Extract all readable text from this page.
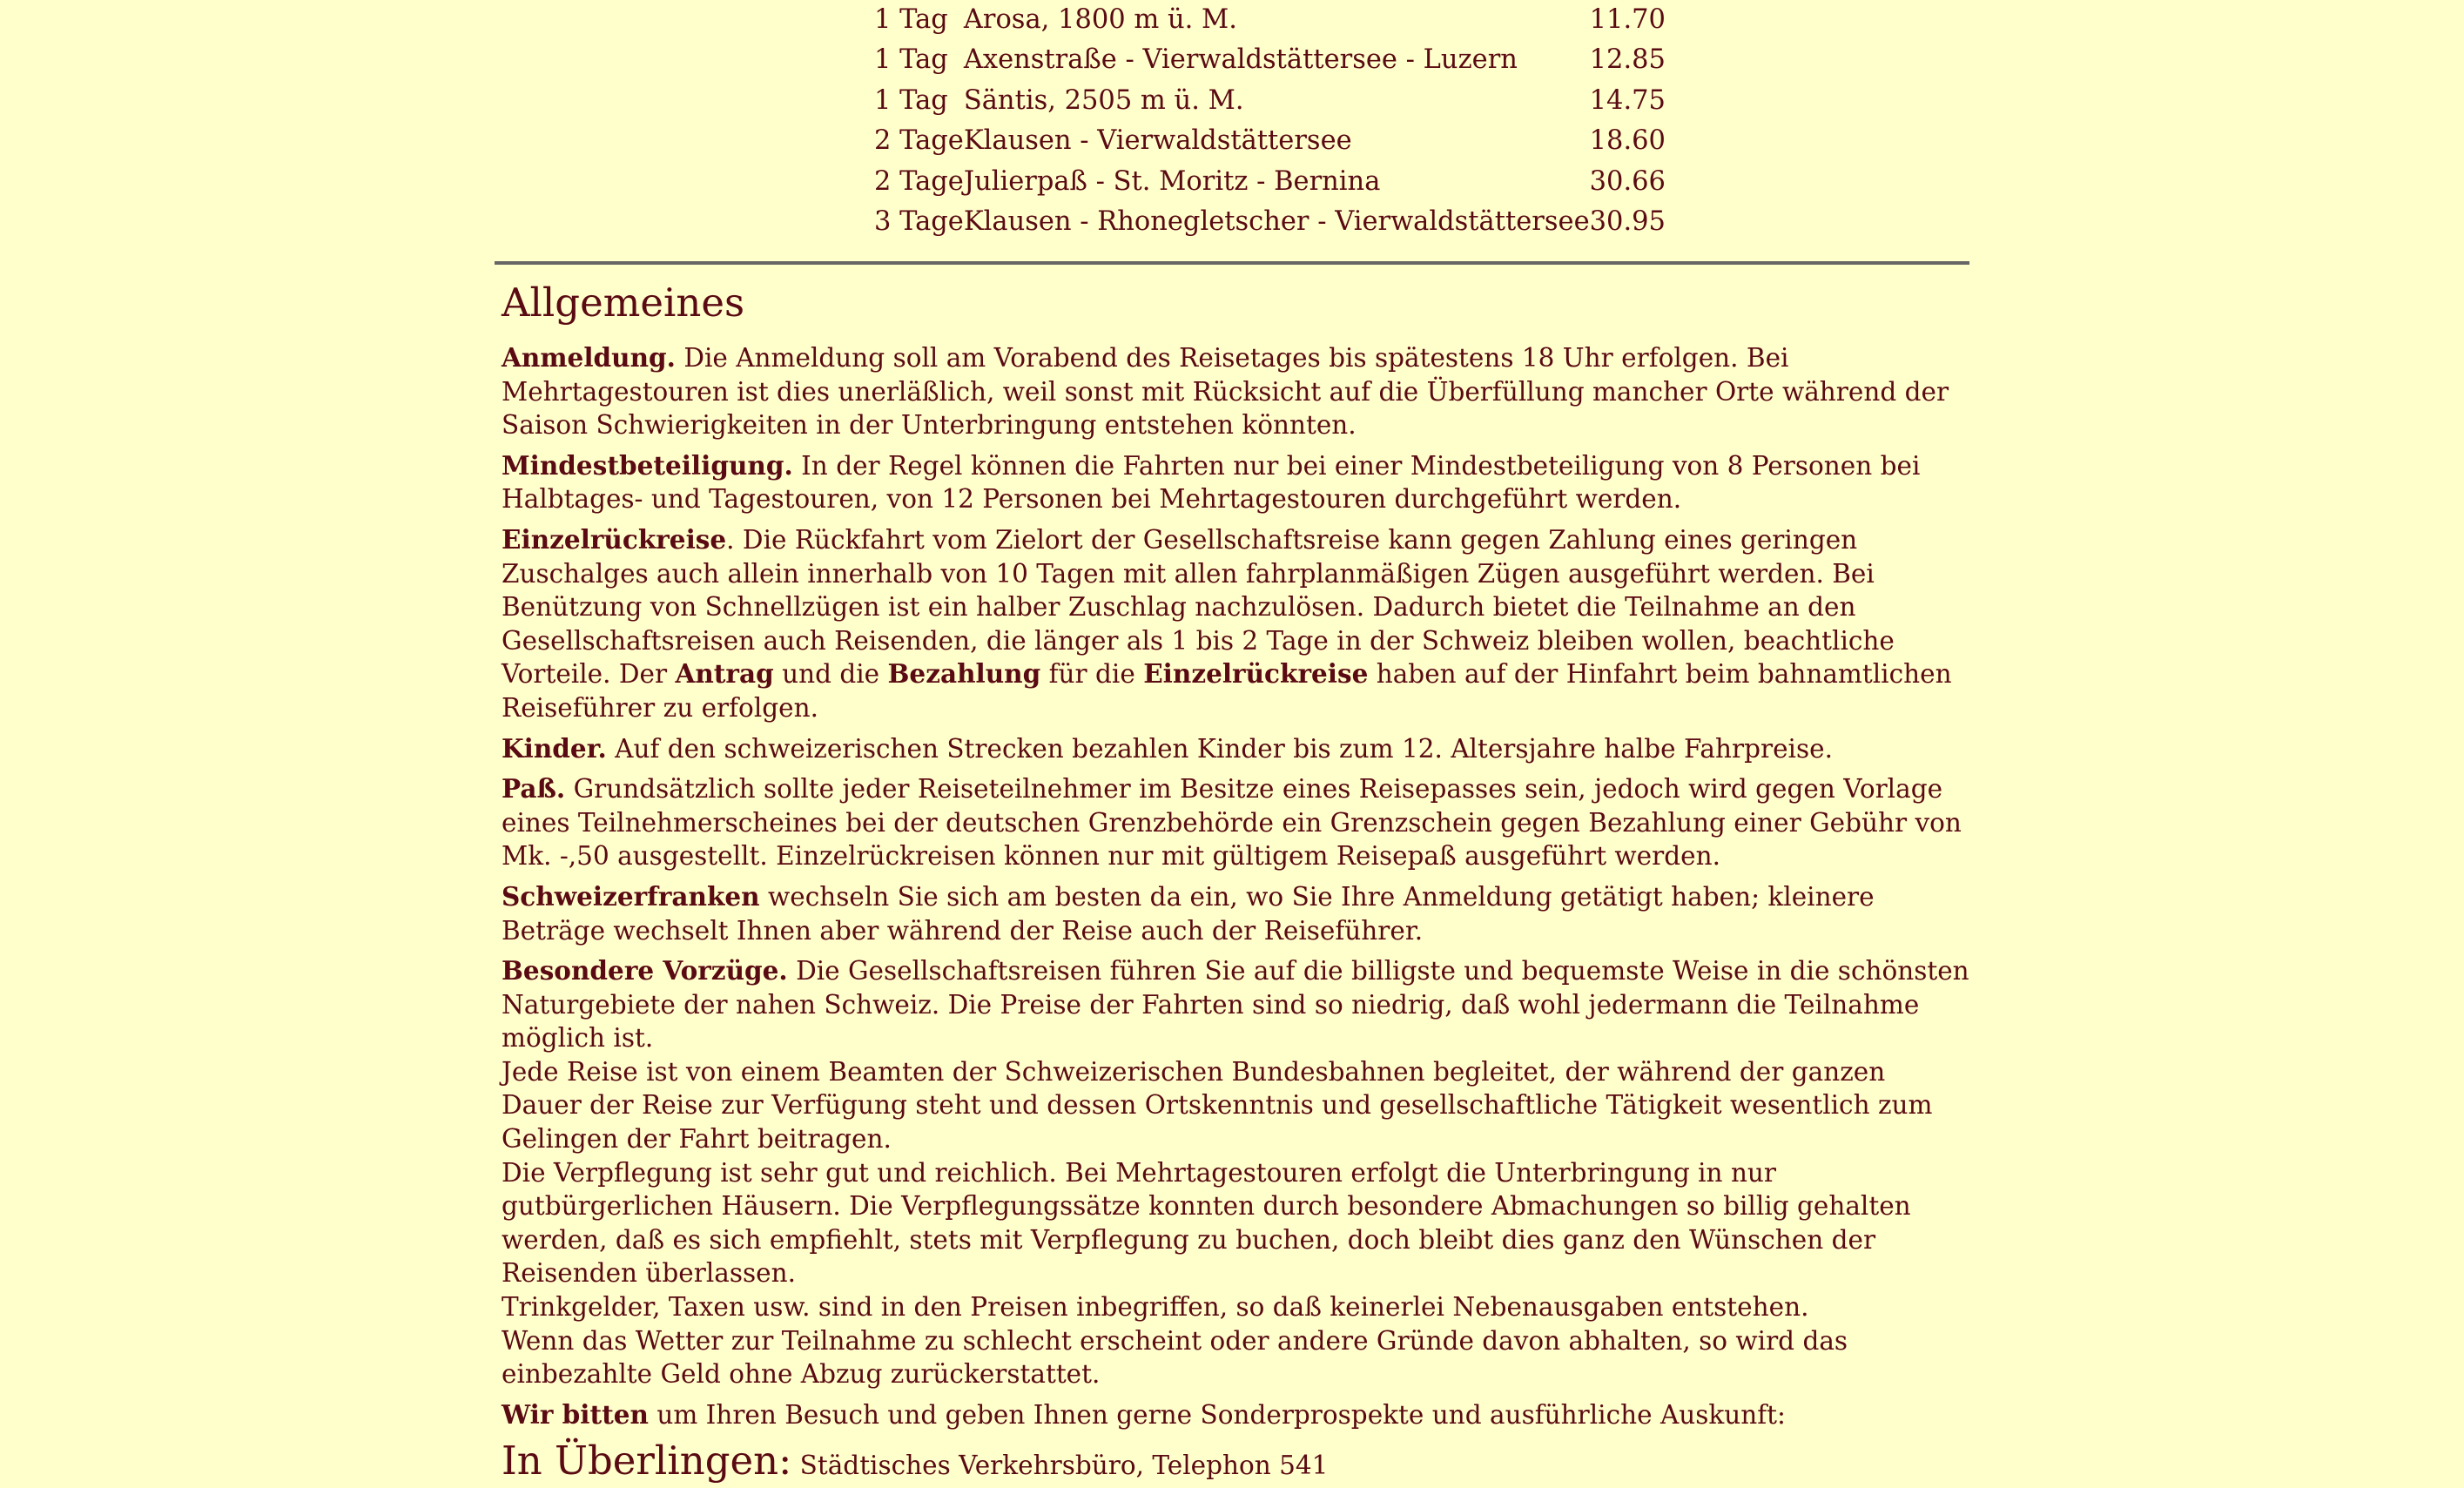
1 Tag	Arosa, 1800 m ü. M.	11.70
1 Tag	Axenstraße - Vierwaldstättersee - Luzern	12.85
1 Tag	Säntis, 2505 m ü. M.	14.75
2 Tage	Klausen - Vierwaldstättersee	18.60
2 Tage	Julierpaß - St. Moritz - Bernina	30.66
3 Tage	Klausen - Rhonegletscher - Vierwaldstättersee	30.95
Allgemeines

Anmeldung. Die Anmeldung soll am Vorabend des Reisetages bis spätestens 18 Uhr erfolgen. Bei Mehrtagestouren ist dies unerläßlich, weil sonst mit Rücksicht auf die Überfüllung mancher Orte während der Saison Schwierigkeiten in der Unterbringung entstehen könnten.

Mindestbeteiligung. In der Regel können die Fahrten nur bei einer Mindestbeteiligung von 8 Personen bei Halbtages- und Tagestouren, von 12 Personen bei Mehrtagestouren durchgeführt werden.

Einzelrückreise. Die Rückfahrt vom Zielort der Gesellschaftsreise kann gegen Zahlung eines geringen Zuschalges auch allein innerhalb von 10 Tagen mit allen fahrplanmäßigen Zügen ausgeführt werden. Bei Benützung von Schnellzügen ist ein halber Zuschlag nachzulösen. Dadurch bietet die Teilnahme an den Gesellschaftsreisen auch Reisenden, die länger als 1 bis 2 Tage in der Schweiz bleiben wollen, beachtliche Vorteile. Der Antrag und die Bezahlung für die Einzelrückreise haben auf der Hinfahrt beim bahnamtlichen Reiseführer zu erfolgen.

Kinder. Auf den schweizerischen Strecken bezahlen Kinder bis zum 12. Altersjahre halbe Fahrpreise.

Paß. Grundsätzlich sollte jeder Reiseteilnehmer im Besitze eines Reisepasses sein, jedoch wird gegen Vorlage eines Teilnehmerscheines bei der deutschen Grenzbehörde ein Grenzschein gegen Bezahlung einer Gebühr von Mk. -,50 ausgestellt. Einzelrückreisen können nur mit gültigem Reisepaß ausgeführt werden.

Schweizerfranken wechseln Sie sich am besten da ein, wo Sie Ihre Anmeldung getätigt haben; kleinere Beträge wechselt Ihnen aber während der Reise auch der Reiseführer.

Besondere Vorzüge. Die Gesellschaftsreisen führen Sie auf die billigste und bequemste Weise in die schönsten Naturgebiete der nahen Schweiz. Die Preise der Fahrten sind so niedrig, daß wohl jedermann die Teilnahme möglich ist.

Jede Reise ist von einem Beamten der Schweizerischen Bundesbahnen begleitet, der während der ganzen Dauer der Reise zur Verfügung steht und dessen Ortskenntnis und gesellschaftliche Tätigkeit wesentlich zum Gelingen der Fahrt beitragen.

Die Verpflegung ist sehr gut und reichlich. Bei Mehrtagestouren erfolgt die Unterbringung in nur gutbürgerlichen Häusern. Die Verpflegungssätze konnten durch besondere Abmachungen so billig gehalten werden, daß es sich empfiehlt, stets mit Verpflegung zu buchen, doch bleibt dies ganz den Wünschen der Reisenden überlassen.

Trinkgelder, Taxen usw. sind in den Preisen inbegriffen, so daß keinerlei Nebenausgaben entstehen.

Wenn das Wetter zur Teilnahme zu schlecht erscheint oder andere Gründe davon abhalten, so wird das einbezahlte Geld ohne Abzug zurückerstattet.

Wir bitten um Ihren Besuch und geben Ihnen gerne Sonderprospekte und ausführliche Auskunft:

In Überlingen: Städtisches Verkehrsbüro, Telephon 541
